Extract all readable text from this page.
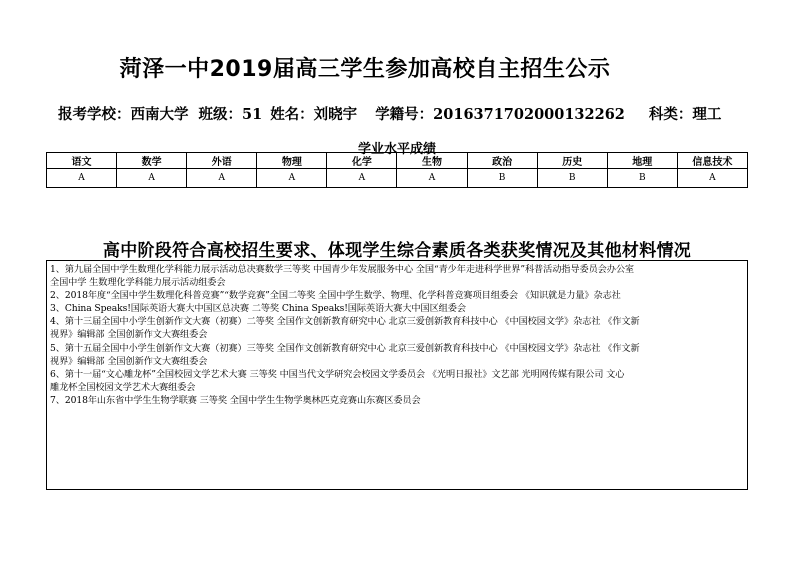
菏泽一中2019届高三学生参加高校自主招生公示
报考学校：西南大学 班级：51 姓名：刘晓宇 学籍号：2016371702000132262 科类：理工
学业水平成绩
语文	数学	外语	物理	化学	生物	政治	历史	地理	信息技术
A	A	A	A	A	A	B	B	B	A
高中阶段符合高校招生要求、体现学生综合素质各类获奖情况及其他材料情况
1、第九届全国中学生数理化学科能力展示活动总决赛数学三等奖 中国青少年发展服务中心 全国“青少年走进科学世界”科普活动指导委员会办公室
全国中学 生数理化学科能力展示活动组委会
2、2018年度“全国中学生数理化科普竞赛”“数学竞赛”全国二等奖 全国中学生数学、物理、化学科普竞赛项目组委会 《知识就是力量》杂志社
3、China Speaks!国际英语大赛大中国区总决赛 二等奖 China Speaks!国际英语大赛大中国区组委会
4、第十三届全国中小学生创新作文大赛（初赛）二等奖 全国作文创新教育研究中心 北京三爱创新教育科技中心 《中国校园文学》杂志社 《作文新
视界》编辑部 全国创新作文大赛组委会
5、第十五届全国中小学生创新作文大赛（初赛）三等奖 全国作文创新教育研究中心 北京三爱创新教育科技中心 《中国校园文学》杂志社 《作文新
视界》编辑部 全国创新作文大赛组委会
6、第十一届“文心雕龙杯”全国校园文学艺术大赛 三等奖 中国当代文学研究会校园文学委员会 《光明日报社》文艺部 光明网传媒有限公司 文心
雕龙杯全国校园文学艺术大赛组委会
7、2018年山东省中学生生物学联赛 三等奖 全国中学生生物学奥林匹克竞赛山东赛区委员会
